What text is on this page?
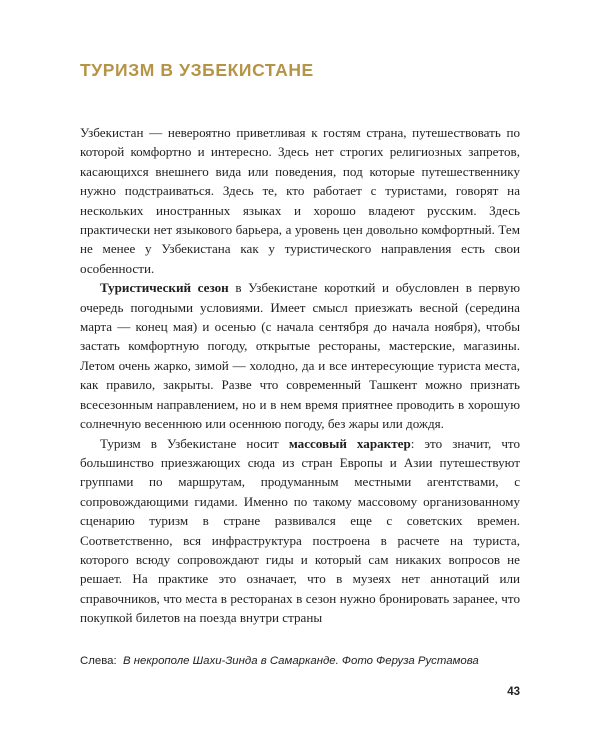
ТУРИЗМ В УЗБЕКИСТАНЕ

Узбекистан — невероятно приветливая к гостям страна, путешествовать по которой комфортно и интересно. Здесь нет строгих религиозных запретов, касающихся внешнего вида или поведения, под которые путешественнику нужно подстраиваться. Здесь те, кто работает с туристами, говорят на нескольких иностранных языках и хорошо владеют русским. Здесь практически нет языкового барьера, а уровень цен довольно комфортный. Тем не менее у Узбекистана как у туристического направления есть свои особенности.

Туристический сезон в Узбекистане короткий и обусловлен в первую очередь погодными условиями. Имеет смысл приезжать весной (середина марта — конец мая) и осенью (с начала сентября до начала ноября), чтобы застать комфортную погоду, открытые рестораны, мастерские, магазины. Летом очень жарко, зимой — холодно, да и все интересующие туриста места, как правило, закрыты. Разве что современный Ташкент можно признать всесезонным направлением, но и в нем время приятнее проводить в хорошую солнечную весеннюю или осеннюю погоду, без жары или дождя.

Туризм в Узбекистане носит массовый характер: это значит, что большинство приезжающих сюда из стран Европы и Азии путешествуют группами по маршрутам, продуманным местными агентствами, с сопровождающими гидами. Именно по такому массовому организованному сценарию туризм в стране развивался еще с советских времен. Соответственно, вся инфраструктура построена в расчете на туриста, которого всюду сопровождают гиды и который сам никаких вопросов не решает. На практике это означает, что в музеях нет аннотаций или справочников, что места в ресторанах в сезон нужно бронировать заранее, что покупкой билетов на поезда внутри страны

Слева: В некрополе Шахи-Зинда в Самарканде. Фото Феруза Рустамова
43
